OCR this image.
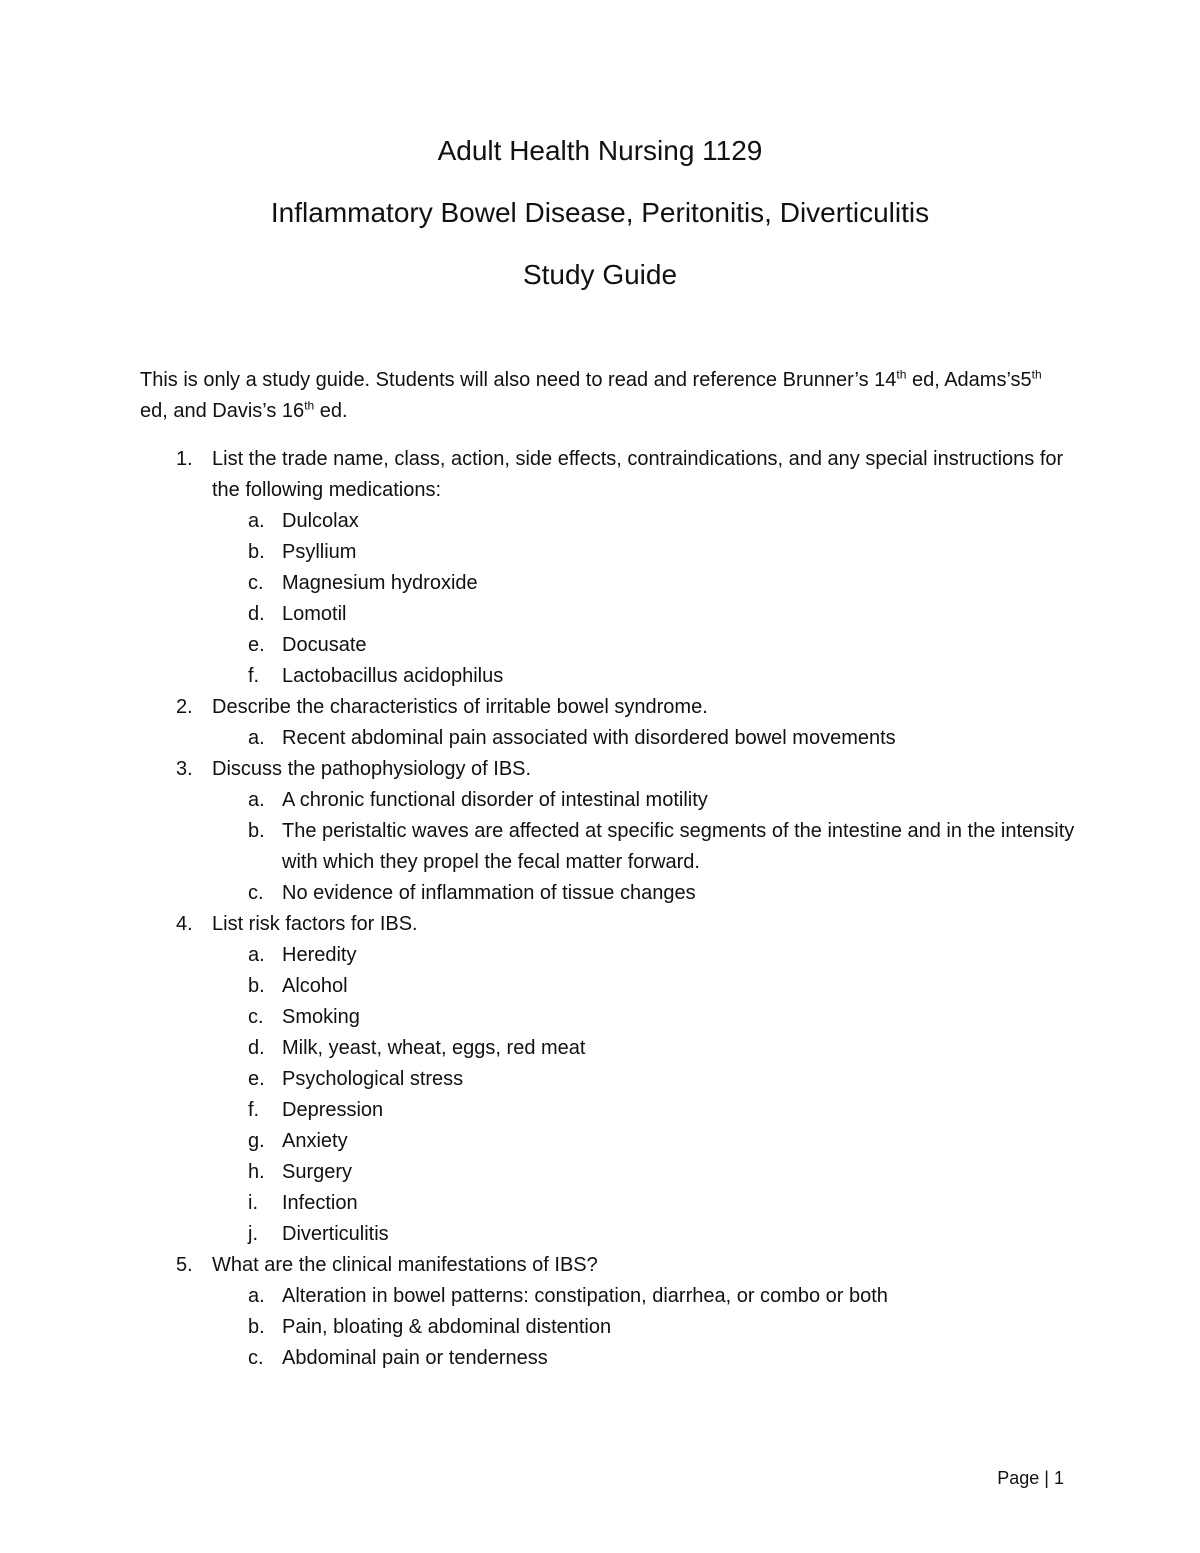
Adult Health Nursing 1129
Inflammatory Bowel Disease, Peritonitis, Diverticulitis
Study Guide

This is only a study guide. Students will also need to read and reference Brunner’s 14th ed, Adams’s5th ed, and Davis’s 16th ed.

1. List the trade name, class, action, side effects, contraindications, and any special instructions for the following medications:
a. Dulcolax
b. Psyllium
c. Magnesium hydroxide
d. Lomotil
e. Docusate
f. Lactobacillus acidophilus
2. Describe the characteristics of irritable bowel syndrome.
a. Recent abdominal pain associated with disordered bowel movements
3. Discuss the pathophysiology of IBS.
a. A chronic functional disorder of intestinal motility
b. The peristaltic waves are affected at specific segments of the intestine and in the intensity with which they propel the fecal matter forward.
c. No evidence of inflammation of tissue changes
4. List risk factors for IBS.
a. Heredity
b. Alcohol
c. Smoking
d. Milk, yeast, wheat, eggs, red meat
e. Psychological stress
f. Depression
g. Anxiety
h. Surgery
i. Infection
j. Diverticulitis
5. What are the clinical manifestations of IBS?
a. Alteration in bowel patterns: constipation, diarrhea, or combo or both
b. Pain, bloating & abdominal distention
c. Abdominal pain or tenderness
Page | 1
